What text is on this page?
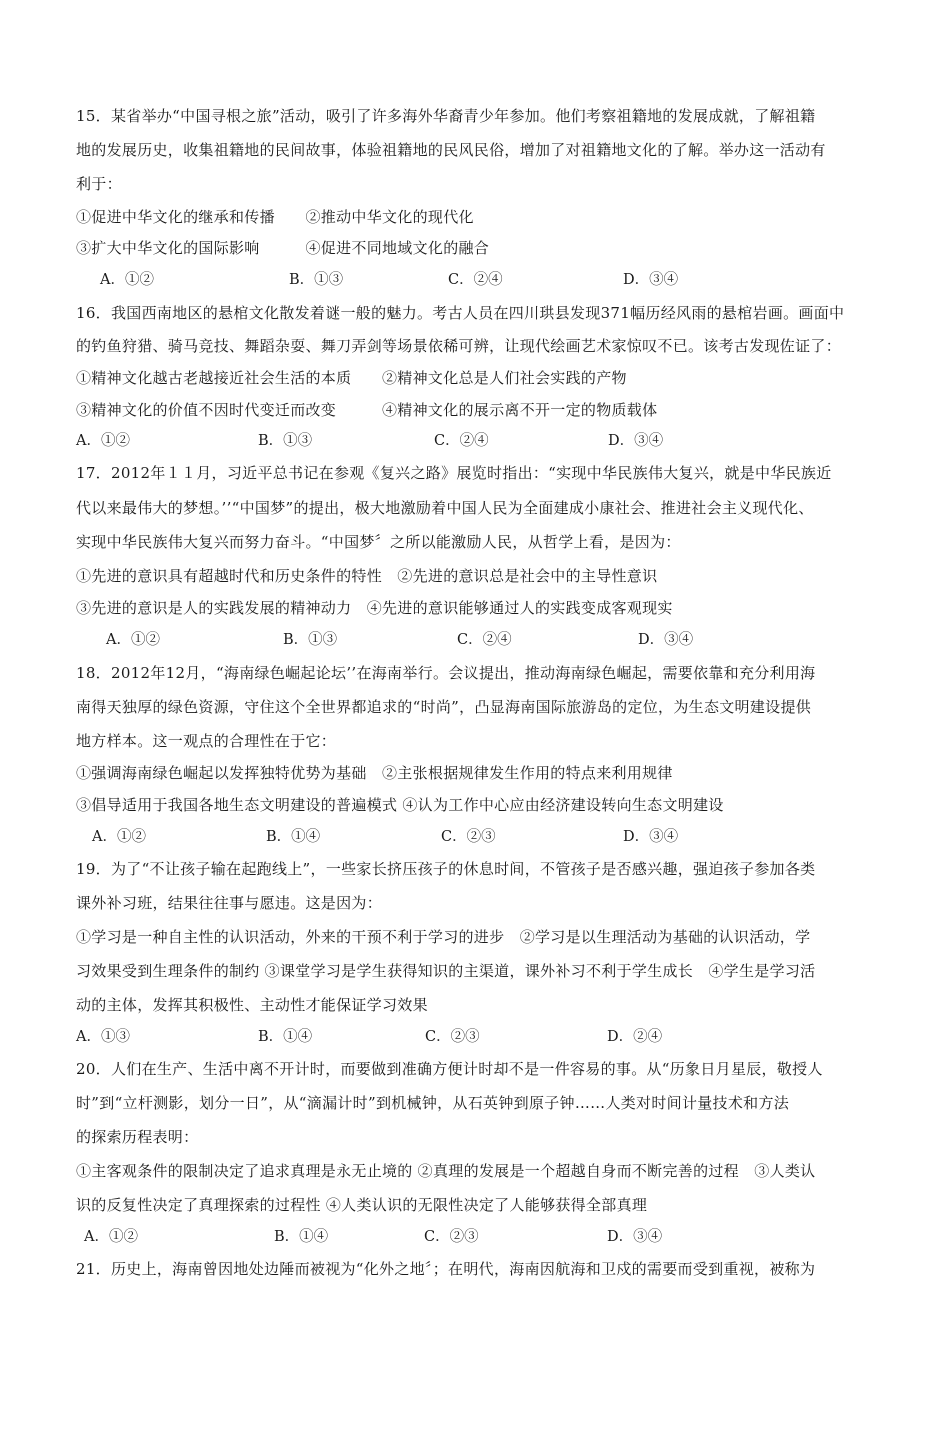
15．某省举办“中国寻根之旅”活动，吸引了许多海外华裔青少年参加。他们考察祖籍地的发展成就，了解祖籍
地的发展历史，收集祖籍地的民间故事，体验祖籍地的民风民俗，增加了对祖籍地文化的了解。举办这一活动有
利于：
①促进中华文化的继承和传播　　②推动中华文化的现代化
③扩大中华文化的国际影响　　　④促进不同地域文化的融合
A．①②	B．①③	C．②④	D．③④
16．我国西南地区的悬棺文化散发着谜一般的魅力。考古人员在四川珙县发现371幅历经风雨的悬棺岩画。画面中
的钓鱼狩猎、骑马竞技、舞蹈杂耍、舞刀弄剑等场景依稀可辨，让现代绘画艺术家惊叹不已。该考古发现佐证了：
①精神文化越古老越接近社会生活的本质　　②精神文化总是人们社会实践的产物
③精神文化的价值不因时代变迁而改变　　　④精神文化的展示离不开一定的物质载体
A．①②	B．①③	C．②④	D．③④
17．2012年１１月，习近平总书记在参观《复兴之路》展览时指出：“实现中华民族伟大复兴，就是中华民族近
代以来最伟大的梦想。’’“中国梦”的提出，极大地激励着中国人民为全面建成小康社会、推进社会主义现代化、
实现中华民族伟大复兴而努力奋斗。“中国梦〞之所以能激励人民，从哲学上看，是因为：
①先进的意识具有超越时代和历史条件的特性　②先进的意识总是社会中的主导性意识
③先进的意识是人的实践发展的精神动力　④先进的意识能够通过人的实践变成客观现实
A．①②	B．①③	C．②④	D．③④
18．2012年12月，“海南绿色崛起论坛’’在海南举行。会议提出，推动海南绿色崛起，需要依靠和充分利用海
南得天独厚的绿色资源，守住这个全世界都追求的“时尚”，凸显海南国际旅游岛的定位，为生态文明建设提供
地方样本。这一观点的合理性在于它：
①强调海南绿色崛起以发挥独特优势为基础　②主张根据规律发生作用的特点来利用规律
③倡导适用于我国各地生态文明建设的普遍模式 ④认为工作中心应由经济建设转向生态文明建设
A．①②	B．①④	C．②③	D．③④
19．为了“不让孩子输在起跑线上”，一些家长挤压孩子的休息时间，不管孩子是否感兴趣，强迫孩子参加各类
课外补习班，结果往往事与愿违。这是因为：
①学习是一种自主性的认识活动，外来的干预不利于学习的进步　②学习是以生理活动为基础的认识活动，学
习效果受到生理条件的制约 ③课堂学习是学生获得知识的主渠道，课外补习不利于学生成长　④学生是学习活
动的主体，发挥其积极性、主动性才能保证学习效果
A．①③	B．①④	C．②③	D．②④
20．人们在生产、生活中离不开计时，而要做到准确方便计时却不是一件容易的事。从“历象日月星辰，敬授人
时”到“立杆测影，划分一日”，从“滴漏计时”到机械钟，从石英钟到原子钟……人类对时间计量技术和方法
的探索历程表明：
①主客观条件的限制决定了追求真理是永无止境的 ②真理的发展是一个超越自身而不断完善的过程　③人类认
识的反复性决定了真理探索的过程性 ④人类认识的无限性决定了人能够获得全部真理
A．①②	B．①④	C．②③	D．③④
21．历史上，海南曾因地处边陲而被视为“化外之地〞；在明代，海南因航海和卫戍的需要而受到重视，被称为
